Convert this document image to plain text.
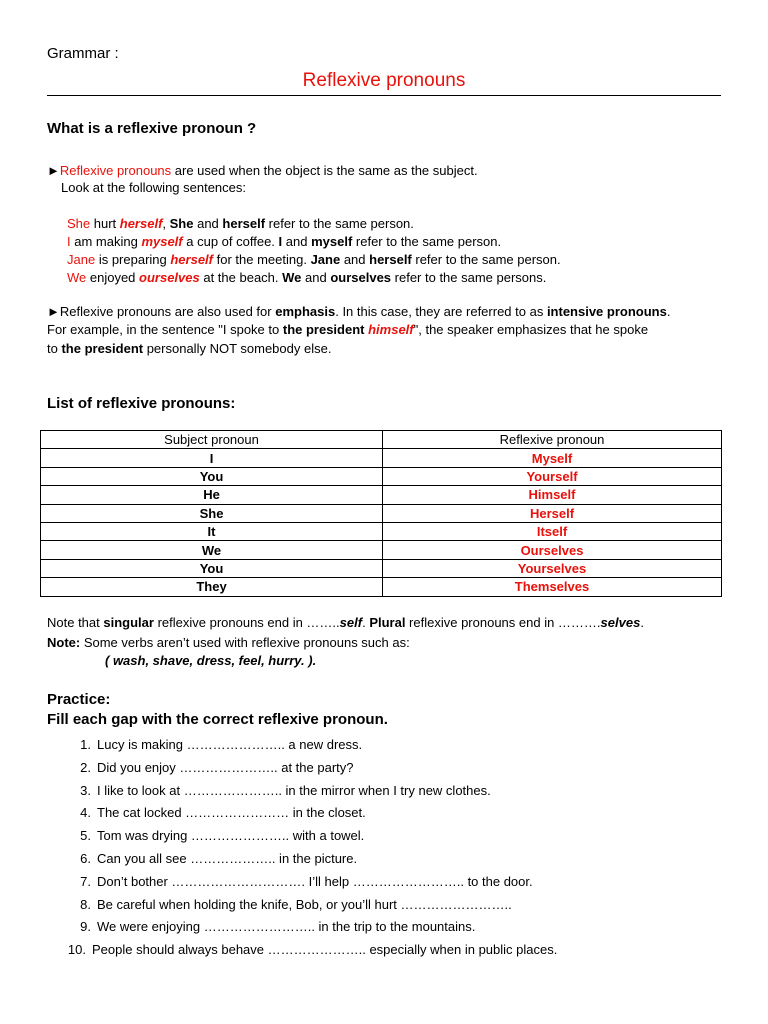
Grammar :
Reflexive pronouns
What is a reflexive pronoun ?
►Reflexive pronouns are used when the object is the same as the subject.
Look at the following sentences:
She hurt herself, She and herself refer to the same person.
I am making myself a cup of coffee. I and myself refer to the same person.
Jane is preparing herself for the meeting. Jane and herself refer to the same person.
We enjoyed ourselves at the beach. We and ourselves refer to the same persons.
►Reflexive pronouns are also used for emphasis. In this case, they are referred to as intensive pronouns.
For example, in the sentence "I spoke to the president himself", the speaker emphasizes that he spoke
to the president personally NOT somebody else.
List of reflexive pronouns:
Subject pronoun	Reflexive pronoun
I	Myself
You	Yourself
He	Himself
She	Herself
It	Itself
We	Ourselves
You	Yourselves
They	Themselves
Note that singular reflexive pronouns end in ……..self. Plural reflexive pronouns end in ……….selves.
Note: Some verbs aren’t used with reflexive pronouns such as:
( wash, shave, dress, feel, hurry. ).
Practice:
Fill each gap with the correct reflexive pronoun.
1. Lucy is making ………………….. a new dress.
2. Did you enjoy ………………….. at the party?
3. I like to look at ………………….. in the mirror when I try new clothes.
4. The cat locked …………………… in the closet.
5. Tom was drying ………………….. with a towel.
6. Can you all see ……………….. in the picture.
7. Don’t bother …………………………. I’ll help …………………….. to the door.
8. Be careful when holding the knife, Bob, or you’ll hurt ……………………..
9. We were enjoying …………………….. in the trip to the mountains.
10. People should always behave ………………….. especially when in public places.
